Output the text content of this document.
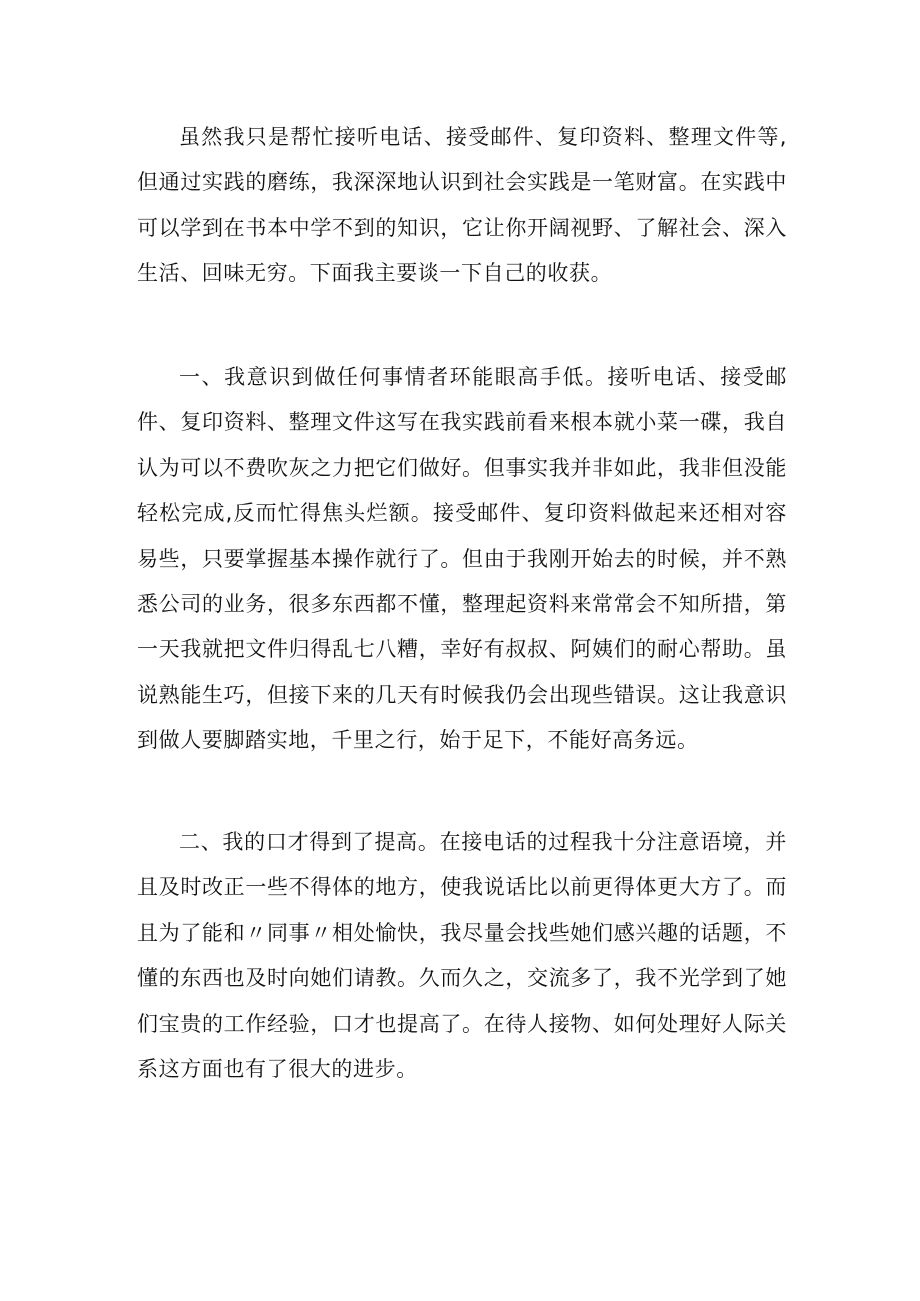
虽然我只是帮忙接听电话、接受邮件、复印资料、整理文件等,但通过实践的磨练，我深深地认识到社会实践是一笔财富。在实践中可以学到在书本中学不到的知识，它让你开阔视野、了解社会、深入生活、回味无穷。下面我主要谈一下自己的收获。

一、我意识到做任何事情者环能眼高手低。接听电话、接受邮件、复印资料、整理文件这写在我实践前看来根本就小菜一碟，我自认为可以不费吹灰之力把它们做好。但事实我并非如此，我非但没能轻松完成,反而忙得焦头烂额。接受邮件、复印资料做起来还相对容易些，只要掌握基本操作就行了。但由于我刚开始去的时候，并不熟悉公司的业务，很多东西都不懂，整理起资料来常常会不知所措，第一天我就把文件归得乱七八糟，幸好有叔叔、阿姨们的耐心帮助。虽说熟能生巧，但接下来的几天有时候我仍会出现些错误。这让我意识到做人要脚踏实地，千里之行，始于足下，不能好高务远。

二、我的口才得到了提高。在接电话的过程我十分注意语境，并且及时改正一些不得体的地方，使我说话比以前更得体更大方了。而且为了能和〃同事〃相处愉快，我尽量会找些她们感兴趣的话题，不懂的东西也及时向她们请教。久而久之，交流多了，我不光学到了她们宝贵的工作经验，口才也提高了。在待人接物、如何处理好人际关系这方面也有了很大的进步。
